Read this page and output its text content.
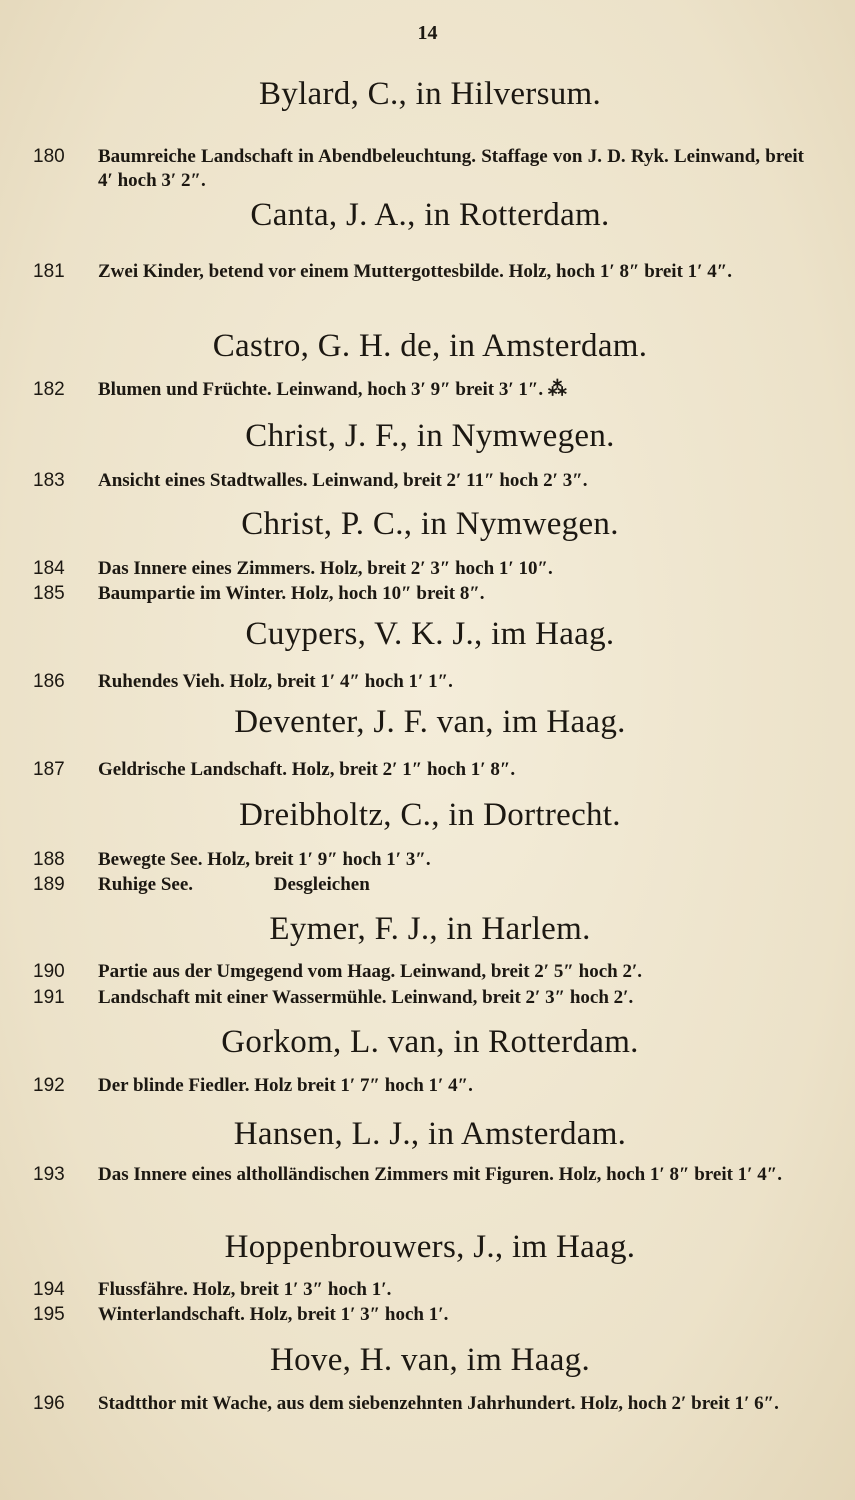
14
Bylard, C., in Hilversum.
180	Baumreiche Landschaft in Abendbeleuchtung. Staffage von J. D. Ryk. Leinwand, breit 4′ hoch 3′ 2″.
Canta, J. A., in Rotterdam.
181	Zwei Kinder, betend vor einem Muttergottesbilde. Holz, hoch 1′ 8″ breit 1′ 4″.
Castro, G. H. de, in Amsterdam.
182	Blumen und Früchte. Leinwand, hoch 3′ 9″ breit 3′ 1″. ⁂
Christ, J. F., in Nymwegen.
183	Ansicht eines Stadtwalles. Leinwand, breit 2′ 11″ hoch 2′ 3″.
Christ, P. C., in Nymwegen.
184	Das Innere eines Zimmers. Holz, breit 2′ 3″ hoch 1′ 10″.
185	Baumpartie im Winter. Holz, hoch 10″ breit 8″.
Cuypers, V. K. J., im Haag.
186	Ruhendes Vieh. Holz, breit 1′ 4″ hoch 1′ 1″.
Deventer, J. F. van, im Haag.
187	Geldrische Landschaft. Holz, breit 2′ 1″ hoch 1′ 8″.
Dreibholtz, C., in Dortrecht.
188	Bewegte See. Holz, breit 1′ 9″ hoch 1′ 3″.
189	Ruhige See.                 Desgleichen
Eymer, F. J., in Harlem.
190	Partie aus der Umgegend vom Haag. Leinwand, breit 2′ 5″ hoch 2′.
191	Landschaft mit einer Wassermühle. Leinwand, breit 2′ 3″ hoch 2′.
Gorkom, L. van, in Rotterdam.
192	Der blinde Fiedler. Holz breit 1′ 7″ hoch 1′ 4″.
Hansen, L. J., in Amsterdam.
193	Das Innere eines altholländischen Zimmers mit Figuren. Holz, hoch 1′ 8″ breit 1′ 4″.
Hoppenbrouwers, J., im Haag.
194	Flussfähre. Holz, breit 1′ 3″ hoch 1′.
195	Winterlandschaft. Holz, breit 1′ 3″ hoch 1′.
Hove, H. van, im Haag.
196	Stadtthor mit Wache, aus dem siebenzehnten Jahrhundert. Holz, hoch 2′ breit 1′ 6″.
